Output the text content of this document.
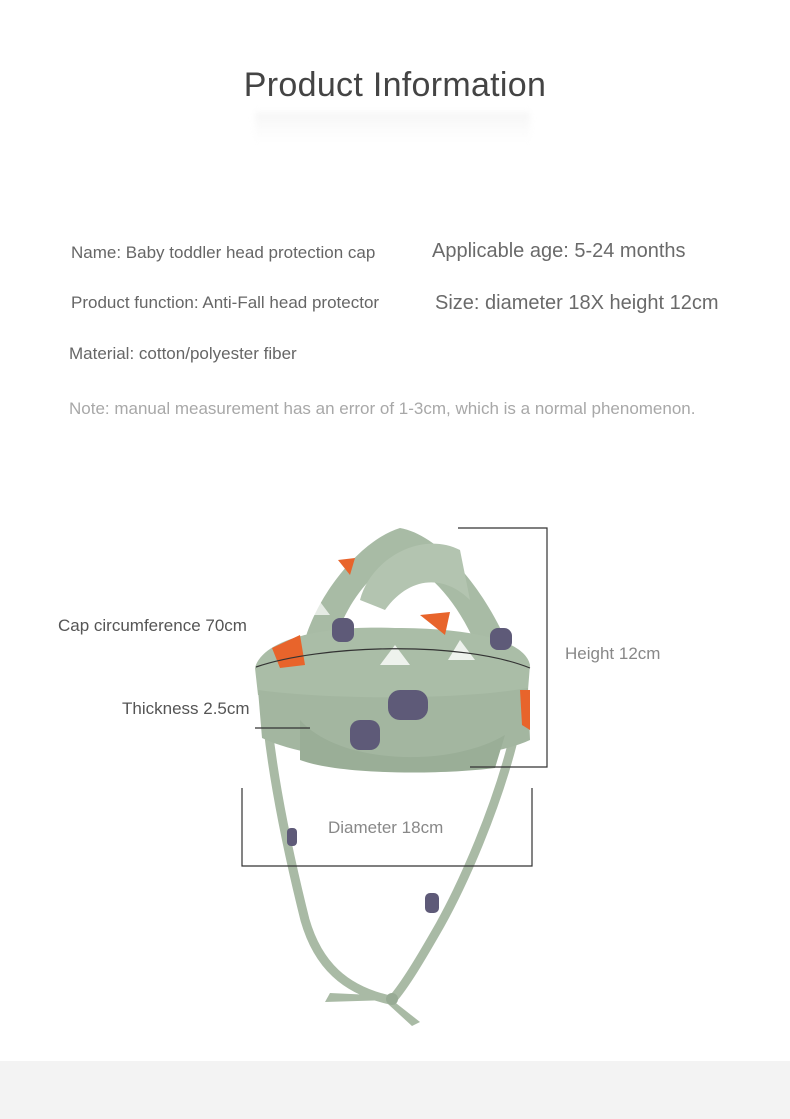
Product Information
Name: Baby toddler head protection cap	Applicable age: 5-24 months
Product function: Anti-Fall head protector	Size: diameter 18X height 12cm
Material: cotton/polyester fiber
Note: manual measurement has an error of 1-3cm, which is a normal phenomenon.
Cap circumference 70cm
Thickness 2.5cm
Height 12cm
Diameter 18cm
